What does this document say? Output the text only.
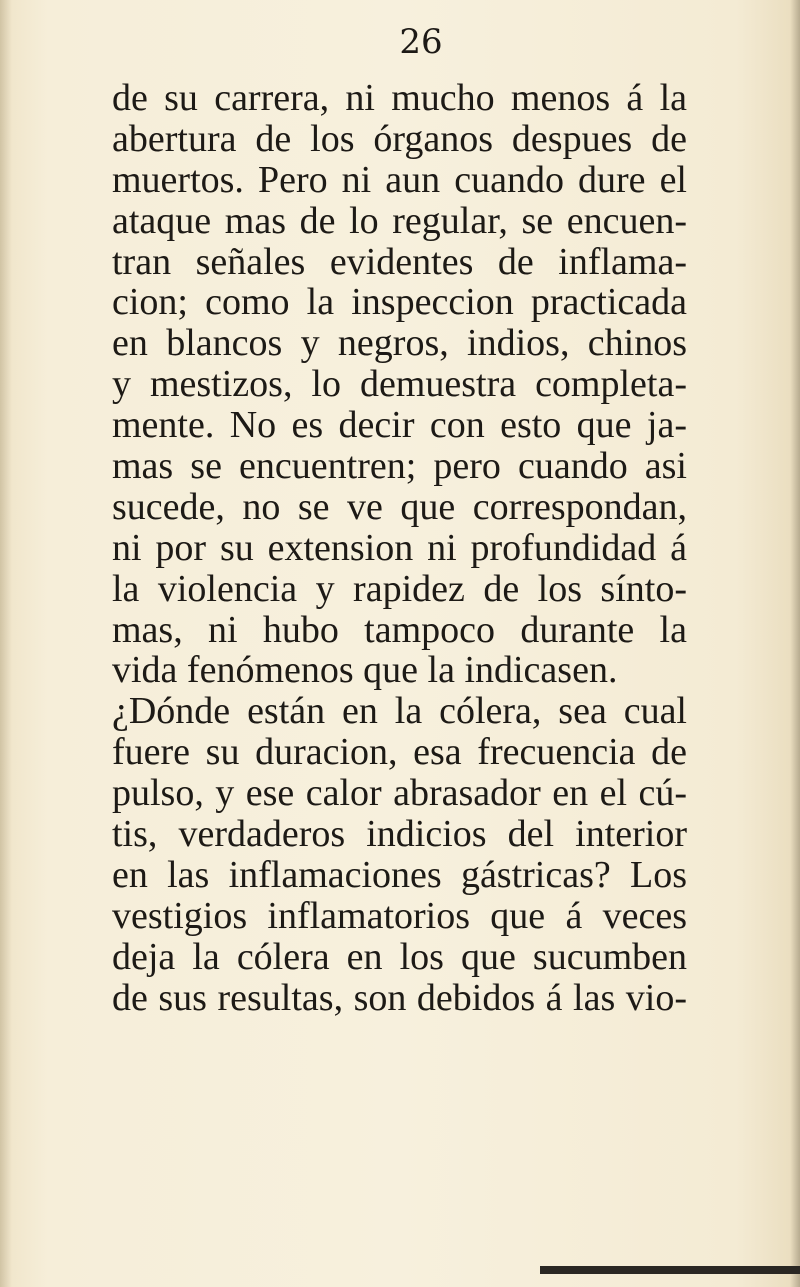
26
de su carrera, ni mucho menos á la
abertura de los órganos despues de
muertos. Pero ni aun cuando dure el
ataque mas de lo regular, se encuen-
tran señales evidentes de inflama-
cion; como la inspeccion practicada
en blancos y negros, indios, chinos
y mestizos, lo demuestra completa-
mente. No es decir con esto que ja-
mas se encuentren; pero cuando asi
sucede, no se ve que correspondan,
ni por su extension ni profundidad á
la violencia y rapidez de los sínto-
mas, ni hubo tampoco durante la
vida fenómenos que la indicasen.
¿Dónde están en la cólera, sea cual
fuere su duracion, esa frecuencia de
pulso, y ese calor abrasador en el cú-
tis, verdaderos indicios del interior
en las inflamaciones gástricas? Los
vestigios inflamatorios que á veces
deja la cólera en los que sucumben
de sus resultas, son debidos á las vio-
